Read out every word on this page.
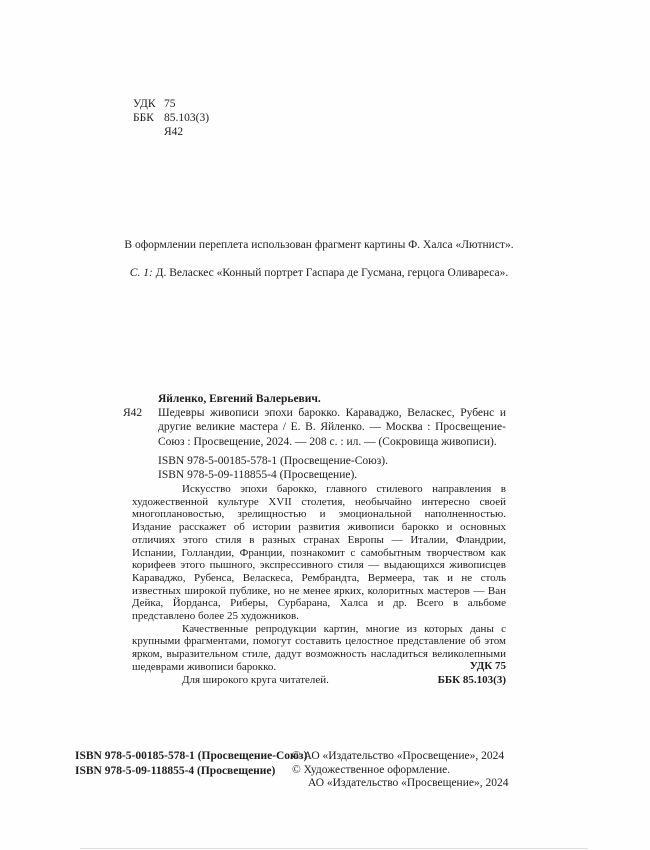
УДК 75
ББК 85.103(3)
Я42
В оформлении переплета использован фрагмент картины Ф. Халса «Лютнист».
С. 1: Д. Веласкес «Конный портрет Гаспара де Гусмана, герцога Оливареса».
Я42
Яйленко, Евгений Валерьевич.
Шедевры живописи эпохи барокко. Караваджо, Веласкес, Рубенс и другие великие мастера / Е. В. Яйленко. — Москва : Просвещение-Союз : Просвещение, 2024. — 208 с. : ил. — (Сокровища живописи).
ISBN 978-5-00185-578-1 (Просвещение-Союз).
ISBN 978-5-09-118855-4 (Просвещение).

Искусство эпохи барокко, главного стилевого направления в художественной культуре XVII столетия, необычайно интересно своей многоплановостью, зрелищностью и эмоциональной наполненностью. Издание расскажет об истории развития живописи барокко и основных отличиях этого стиля в разных странах Европы — Италии, Фландрии, Испании, Голландии, Франции, познакомит с самобытным творчеством как корифеев этого пышного, экспрессивного стиля — выдающихся живописцев Караваджо, Рубенса, Веласкеса, Рембрандта, Вермеера, так и не столь известных широкой публике, но не менее ярких, колоритных мастеров — Ван Дейка, Йорданса, Риберы, Сурбарана, Халса и др. Всего в альбоме представлено более 25 художников.

Качественные репродукции картин, многие из которых даны с крупными фрагментами, помогут составить целостное представление об этом ярком, выразительном стиле, дадут возможность насладиться великолепными шедеврами живописи барокко.

Для широкого круга читателей.

УДК 75
ББК 85.103(3)
ISBN 978-5-00185-578-1 (Просвещение-Союз)
ISBN 978-5-09-118855-4 (Просвещение)
© АО «Издательство «Просвещение», 2024
© Художественное оформление.
АО «Издательство «Просвещение», 2024
